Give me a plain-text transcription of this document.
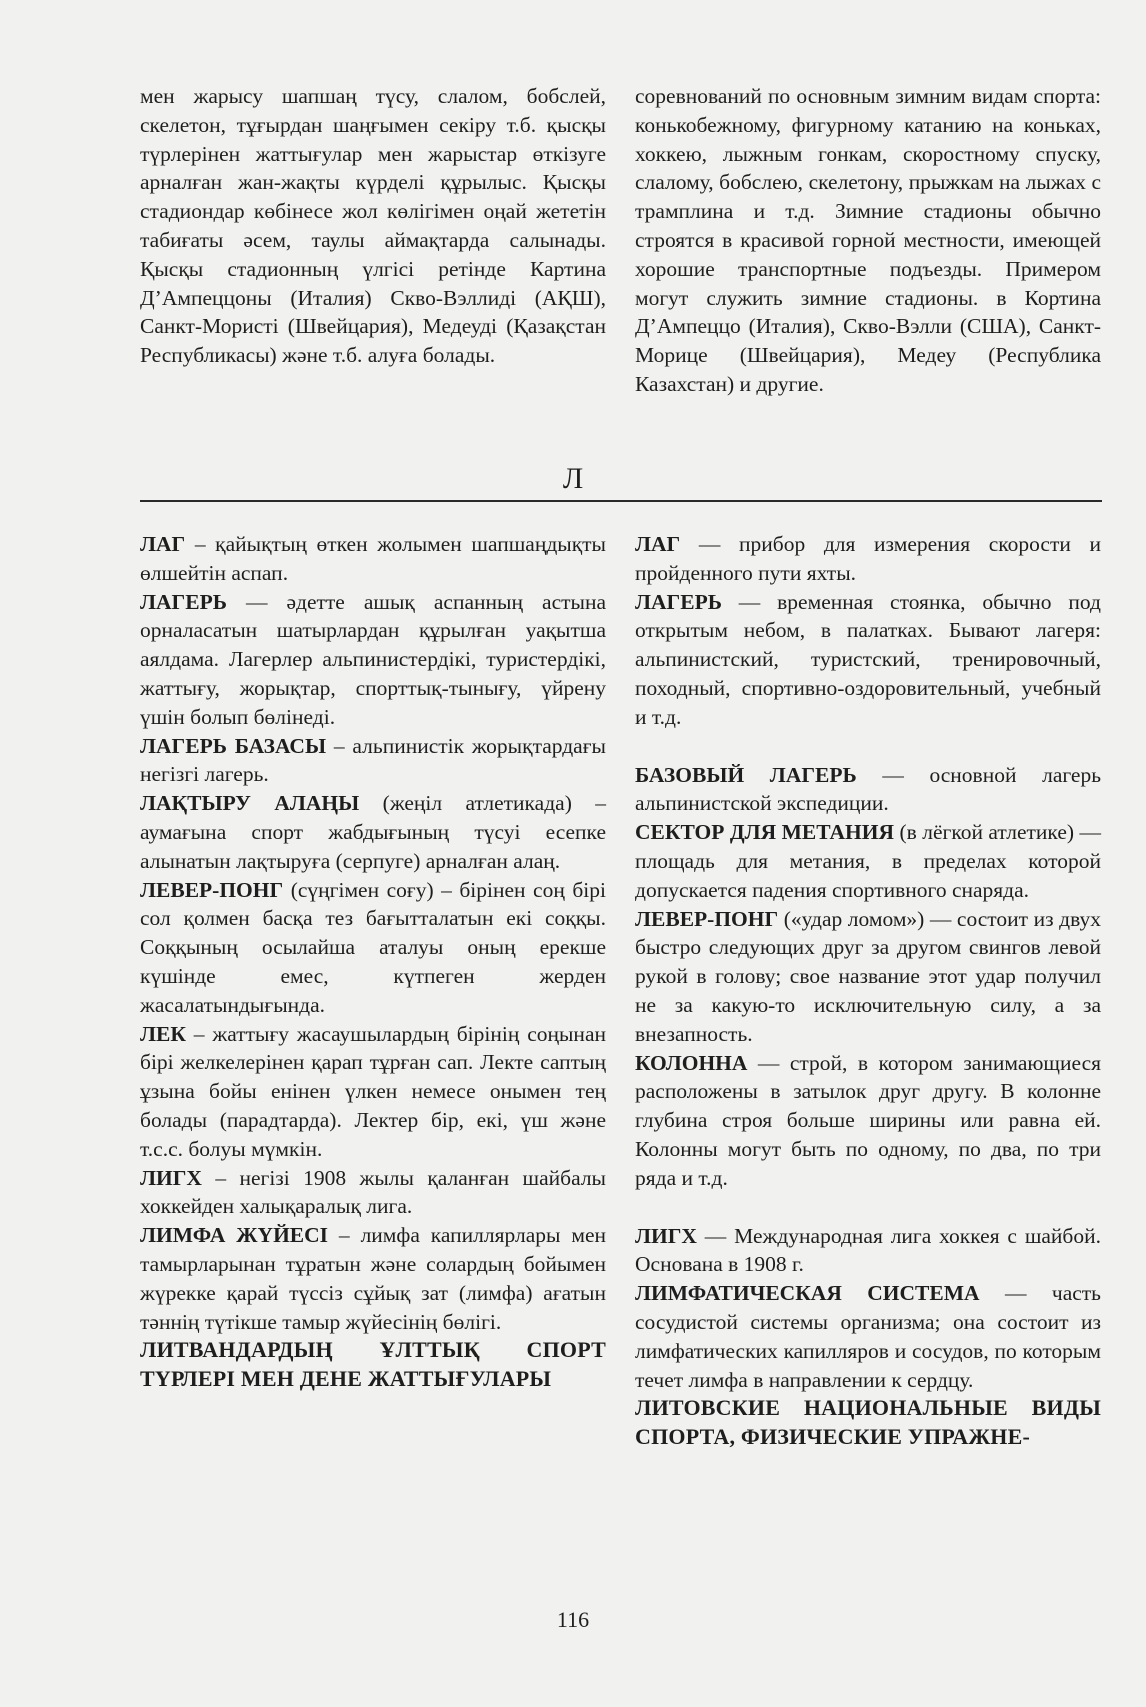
мен жарысу шапшаң түсу, слалом, бобслей, скелетон, тұғырдан шаңғымен секіру т.б. қысқы түрлерінен жаттығулар мен жарыстар өткізуге арналған жан-жақты күрделі құрылыс. Қысқы стадиондар көбінесе жол көлігімен оңай жететін табиғаты әсем, таулы аймақтарда салынады. Қысқы стадионның үлгісі ретінде Картина Д’Ампеццоны (Италия) Скво-Вэллиді (АҚШ), Санкт-Мористі (Швейцария), Медеуді (Қазақстан Республикасы) және т.б. алуға болады.

соревнований по основным зимним видам спорта: конькобежному, фигурному катанию на коньках, хоккею, лыжным гонкам, скоростному спуску, слалому, бобслею, скелетону, прыжкам на лыжах с трамплина и т.д. Зимние стадионы обычно строятся в красивой горной местности, имеющей хорошие транспортные подъезды. Примером могут служить зимние стадионы. в Кортина Д’Ампеццо (Италия), Скво-Вэлли (США), Санкт-Морице (Швейцария), Медеу (Республика Казахстан) и другие.

Л

ЛАГ – қайықтың өткен жолымен шапшаңдықты өлшейтін аспап.

ЛАГЕРЬ — әдетте ашық аспанның астына орналасатын шатырлардан құрылған уақытша аялдама. Лагерлер альпинистердікі, туристердікі, жаттығу, жорықтар, спорттық-тынығу, үйрену үшін болып бөлінеді.

ЛАГЕРЬ БАЗАСЫ – альпинистік жорықтардағы негізгі лагерь.

ЛАҚТЫРУ АЛАҢЫ (жеңіл атлетикада) – аумағына спорт жабдығының түсуі есепке алынатын лақтыруға (серпуге) арналған алаң.

ЛЕВЕР-ПОНГ (сүңгімен соғу) – бірінен соң бірі сол қолмен басқа тез бағытталатын екі соққы. Соққының осылайша аталуы оның ерекше күшінде емес, күтпеген жерден жасалатындығында.

ЛЕК – жаттығу жасаушылардың бірінің соңынан бірі желкелерінен қарап тұрған сап. Лекте саптың ұзына бойы енінен үлкен немесе онымен тең болады (парадтарда). Лектер бір, екі, үш және т.с.с. болуы мүмкін.

ЛИГХ – негізі 1908 жылы қаланған шайбалы хоккейден халықаралық лига.

ЛИМФА ЖҮЙЕСІ – лимфа капиллярлары мен тамырларынан тұратын және солардың бойымен жүрекке қарай түссіз сұйық зат (лимфа) ағатын тәннің түтікше тамыр жүйесінің бөлігі.

ЛИТВАНДАРДЫҢ ҰЛТТЫҚ СПОРТ ТҮРЛЕРІ МЕН ДЕНЕ ЖАТТЫҒУЛАРЫ

ЛАГ — прибор для измерения скорости и пройденного пути яхты.

ЛАГЕРЬ — временная стоянка, обычно под открытым небом, в палатках. Бывают лагеря: альпинистский, туристский, тренировочный, походный, спортивно-оздоровительный, учебный и т.д.

БАЗОВЫЙ ЛАГЕРЬ — основной лагерь альпинистской экспедиции.

СЕКТОР ДЛЯ МЕТАНИЯ (в лёгкой атлетике) — площадь для метания, в пределах которой допускается падения спортивного снаряда.

ЛЕВЕР-ПОНГ («удар ломом») — состоит из двух быстро следующих друг за другом свингов левой рукой в голову; свое название этот удар получил не за какую-то исключительную силу, а за внезапность.

КОЛОННА — строй, в котором занимающиеся расположены в затылок друг другу. В колонне глубина строя больше ширины или равна ей. Колонны могут быть по одному, по два, по три ряда и т.д.

ЛИГХ — Международная лига хоккея с шайбой. Основана в 1908 г.

ЛИМФАТИЧЕСКАЯ СИСТЕМА — часть сосудистой системы организма; она состоит из лимфатических капилляров и сосудов, по которым течет лимфа в направлении к сердцу.

ЛИТОВСКИЕ НАЦИОНАЛЬНЫЕ ВИДЫ СПОРТА, ФИЗИЧЕСКИЕ УПРАЖНЕ-

116
